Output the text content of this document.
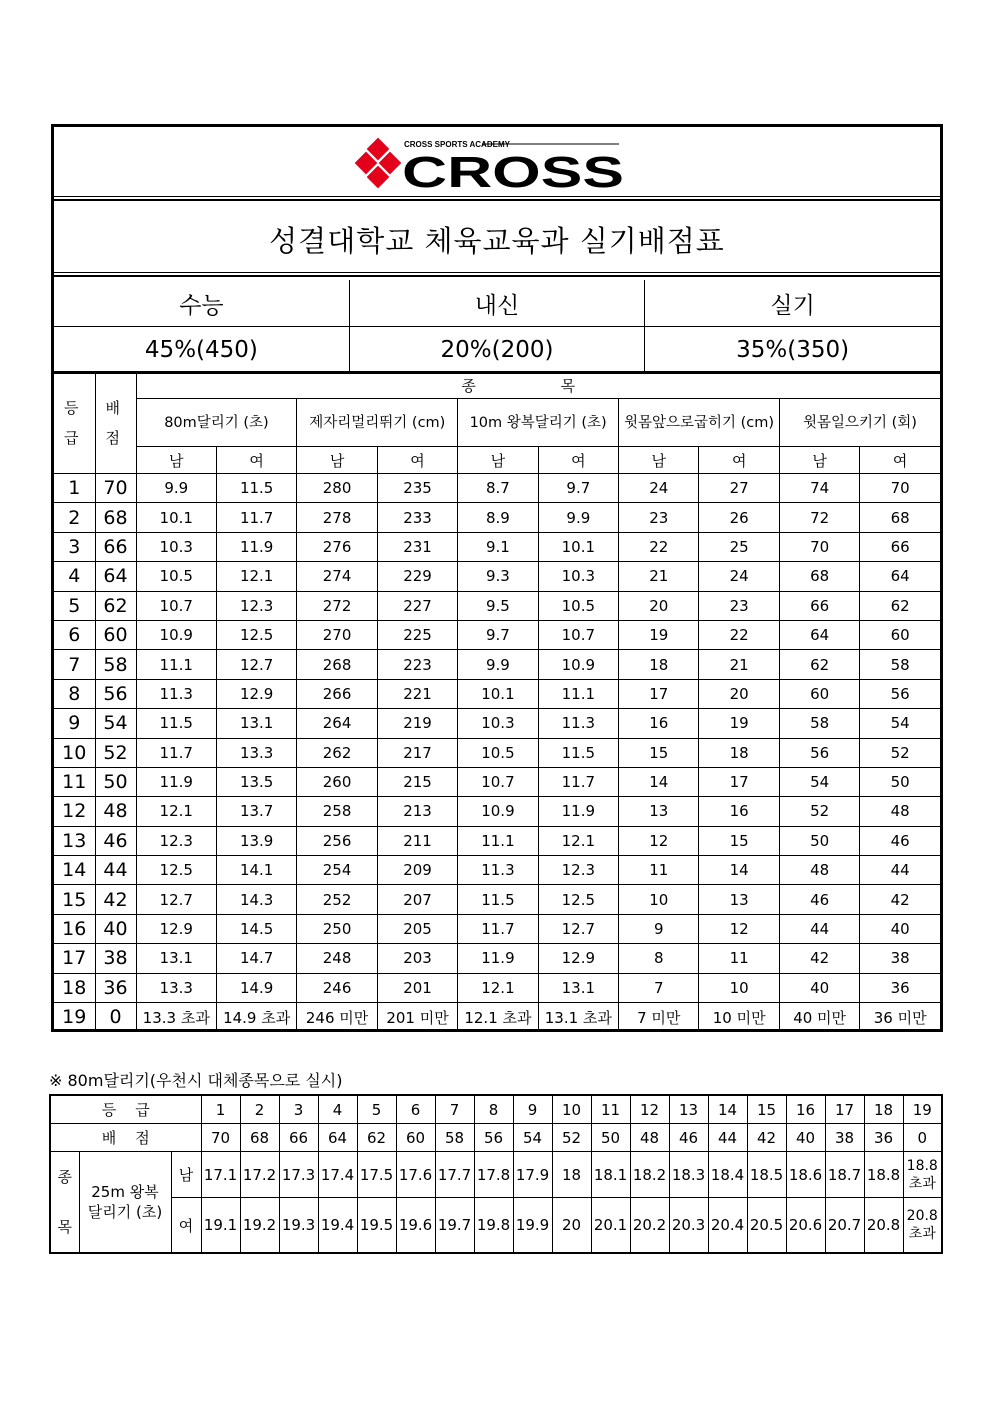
CROSS SPORTS ACADEMY
CROSS
성결대학교 체육교육과 실기배점표
수능	내신	실기
45%(450)	20%(200)	35%(350)
등급	배점	종 목									
		80m달리기 (초)		제자리멀리뛰기 (cm)		10m 왕복달리기 (초)		윗몸앞으로굽히기 (cm)		윗몸일으키기 (회)	
		남	여	남	여	남	여	남	여	남	여
1	70	9.9	11.5	280	235	8.7	9.7	24	27	74	70
2	68	10.1	11.7	278	233	8.9	9.9	23	26	72	68
3	66	10.3	11.9	276	231	9.1	10.1	22	25	70	66
4	64	10.5	12.1	274	229	9.3	10.3	21	24	68	64
5	62	10.7	12.3	272	227	9.5	10.5	20	23	66	62
6	60	10.9	12.5	270	225	9.7	10.7	19	22	64	60
7	58	11.1	12.7	268	223	9.9	10.9	18	21	62	58
8	56	11.3	12.9	266	221	10.1	11.1	17	20	60	56
9	54	11.5	13.1	264	219	10.3	11.3	16	19	58	54
10	52	11.7	13.3	262	217	10.5	11.5	15	18	56	52
11	50	11.9	13.5	260	215	10.7	11.7	14	17	54	50
12	48	12.1	13.7	258	213	10.9	11.9	13	16	52	48
13	46	12.3	13.9	256	211	11.1	12.1	12	15	50	46
14	44	12.5	14.1	254	209	11.3	12.3	11	14	48	44
15	42	12.7	14.3	252	207	11.5	12.5	10	13	46	42
16	40	12.9	14.5	250	205	11.7	12.7	9	12	44	40
17	38	13.1	14.7	248	203	11.9	12.9	8	11	42	38
18	36	13.3	14.9	246	201	12.1	13.1	7	10	40	36
19	0	13.3 초과	14.9 초과	246 미만	201 미만	12.1 초과	13.1 초과	7 미만	10 미만	40 미만	36 미만
※ 80m달리기(우천시 대체종목으로 실시)
등    급			1	2	3	4	5	6	7	8	9	10	11	12	13	14	15	16	17	18	19
배    점			70	68	66	64	62	60	58	56	54	52	50	48	46	44	42	40	38	36	0
종목	25m 왕복달리기 (초)	남	17.1	17.2	17.3	17.4	17.5	17.6	17.7	17.8	17.9	18	18.1	18.2	18.3	18.4	18.5	18.6	18.7	18.8	18.8 초과
		여	19.1	19.2	19.3	19.4	19.5	19.6	19.7	19.8	19.9	20	20.1	20.2	20.3	20.4	20.5	20.6	20.7	20.8	20.8 초과
